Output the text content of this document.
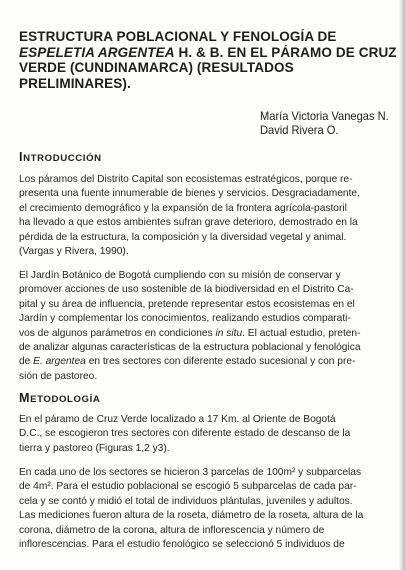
ESTRUCTURA POBLACIONAL Y FENOLOGÍA DE
ESPELETIA ARGENTEA H. & B. EN EL PÁRAMO DE CRUZ
VERDE (CUNDINAMARCA) (RESULTADOS
PRELIMINARES).
María Victoria Vanegas N.
David Rivera O.
INTRODUCCIÓN
Los páramos del Distrito Capital son ecosistemas estratégicos, porque re-
presenta una fuente innumerable de bienes y servicios. Desgraciadamente,
el crecimiento demográfico y la expansión de la frontera agrícola-pastoril
ha llevado a que estos ambientes sufran grave deterioro, demostrado en la
pérdida de la estructura, la composición y la diversidad vegetal y animal.
(Vargas y Rivera, 1990).
El Jardín Botánico de Bogotá cumpliendo con su misión de conservar y
promover acciones de uso sostenible de la biodiversidad en el Distrito Ca-
pital y su área de influencia, pretende representar estos ecosistemas en el
Jardín y complementar los conocimientos, realizando estudios comparati-
vos de algunos parámetros en condiciones in situ. El actual estudio, preten-
de analizar algunas características de la estructura poblacional y fenológica
de E. argentea en tres sectores con diferente estado sucesional y con pre-
sión de pastoreo.
METODOLOGÍA
En el páramo de Cruz Verde localizado a 17 Km. al Oriente de Bogotá
D.C., se escogieron tres sectores con diferente estado de descanso de la
tierra y pastoreo (Figuras 1,2 y3).
En cada uno de los sectores se hicieron 3 parcelas de 100m² y subparcelas
de 4m². Para el estudio poblacional se escogió 5 subparcelas de cada par-
cela y se contó y midió el total de individuos plántulas, juveniles y adultos.
Las mediciones fueron altura de la roseta, diámetro de la roseta, altura de la
corona, diámetro de la corona, altura de inflorescencia y número de
inflorescencias. Para el estudio fenológico se seleccionó 5 individuos de
